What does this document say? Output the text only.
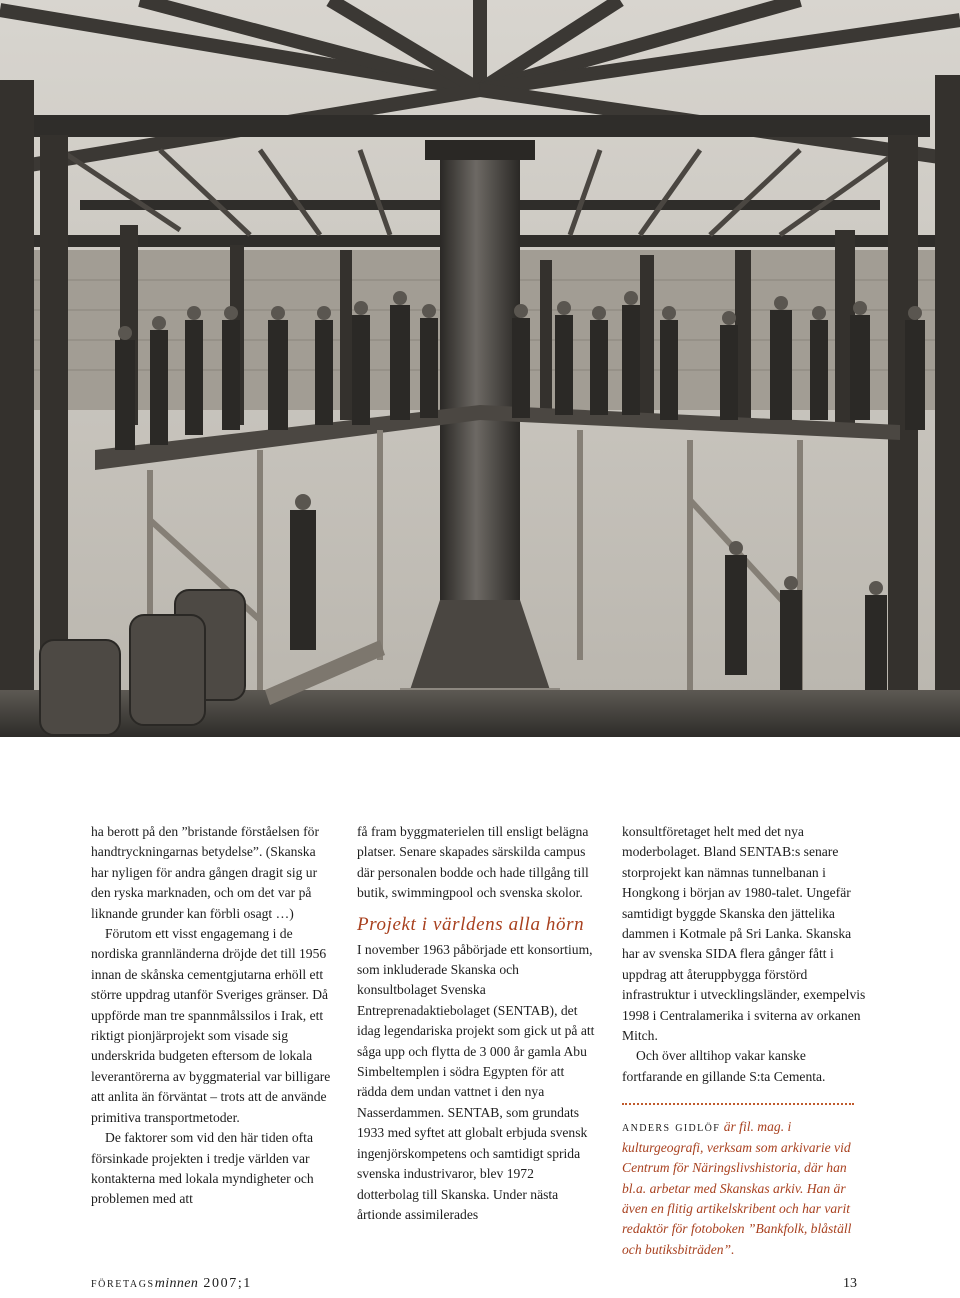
ha berott på den ”bristande förståelsen för handtryckningarnas betydelse”. (Skanska har nyligen för andra gången dragit sig ur den ryska marknaden, och om det var på liknande grunder kan förbli osagt …)

Förutom ett visst engagemang i de nordiska grannländerna dröjde det till 1956 innan de skånska cementgjutarna erhöll ett större uppdrag utanför Sveriges gränser. Då uppförde man tre spannmålssilos i Irak, ett riktigt pionjärprojekt som visade sig underskrida budgeten eftersom de lokala leverantörerna av byggmaterial var billigare att anlita än förväntat – trots att de använde primitiva transportmetoder.

De faktorer som vid den här tiden ofta försinkade projekten i tredje världen var kontakterna med lokala myndigheter och problemen med att

få fram byggmaterielen till ensligt belägna platser. Senare skapades särskilda campus där personalen bodde och hade tillgång till butik, swimmingpool och svenska skolor.

Projekt i världens alla hörn

I november 1963 påbörjade ett konsortium, som inkluderade Skanska och konsultbolaget Svenska Entreprenadaktiebolaget (SENTAB), det idag legendariska projekt som gick ut på att såga upp och flytta de 3 000 år gamla Abu Simbeltemplen i södra Egypten för att rädda dem undan vattnet i den nya Nasserdammen. SENTAB, som grundats 1933 med syftet att globalt erbjuda svensk ingenjörskompetens och samtidigt sprida svenska industrivaror, blev 1972 dotterbolag till Skanska. Under nästa årtionde assimilerades

konsultföretaget helt med det nya moderbolaget. Bland SENTAB:s senare storprojekt kan nämnas tunnelbanan i Hongkong i början av 1980-talet. Ungefär samtidigt byggde Skanska den jättelika dammen i Kotmale på Sri Lanka. Skanska har av svenska SIDA flera gånger fått i uppdrag att återuppbygga förstörd infrastruktur i utvecklingsländer, exempelvis 1998 i Centralamerika i sviterna av orkanen Mitch.

Och över alltihop vakar kanske fortfarande en gillande S:ta Cementa.

anders gidlöf är fil. mag. i kulturgeografi, verksam som arkivarie vid Centrum för Näringslivshistoria, där han bl.a. arbetar med Skanskas arkiv. Han är även en flitig artikelskribent och har varit redaktör för fotoboken ”Bankfolk, blåställ och butiksbiträden”.

företagsminnen 2007;1	13
